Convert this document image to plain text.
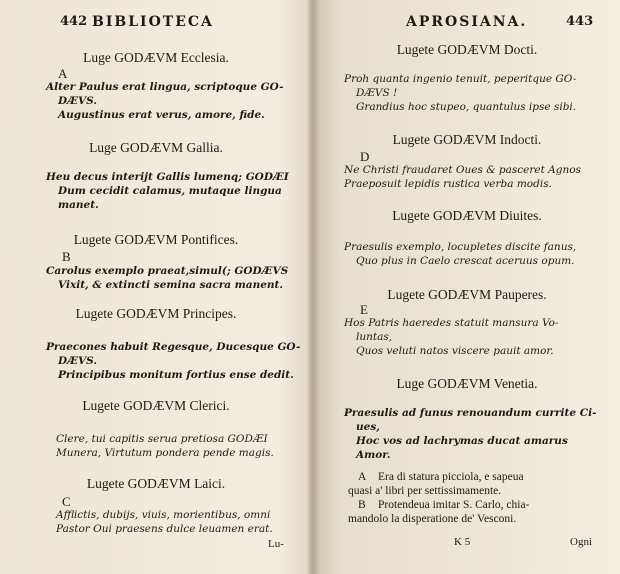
442 BIBLIOTECA
Luge GODÆVM Ecclesia.
A
Alter Paulus erat lingua, scriptoque GO-
DÆVS.
Augustinus erat verus, amore, fide.
Luge GODÆVM Gallia.
Heu decus interijt Gallis lumenq; GODÆI
Dum cecidit calamus, mutaque lingua
manet.
Lugete GODÆVM Pontifices.
B
Carolus exemplo praeat,simul(; GODÆVS
Vixit, & extincti semina sacra manent.
Lugete GODÆVM Principes.
Praecones habuit Regesque, Ducesque GO-
DÆVS.
Principibus monitum fortius ense dedit.
Lugete GODÆVM Clerici.
Clere, tui capitis serua pretiosa GODÆI
Munera, Virtutum pondera pende magis.
Lugete GODÆVM Laici.
C
Afflictis, dubijs, viuis, morientibus, omni
Pastor Oui praesens dulce leuamen erat.
Lu-
APROSIANA.	443
Lugete GODÆVM Docti.
Proh quanta ingenio tenuit, peperitque GO-
DÆVS !
Grandius hoc stupeo, quantulus ipse sibi.
Lugete GODÆVM Indocti.
D
Ne Christi fraudaret Oues & pasceret Agnos
Praeposuit lepidis rustica verba modis.
Lugete GODÆVM Diuites.
Praesulis exemplo, locupletes discite fanus,
Quo plus in Caelo crescat aceruus opum.
Lugete GODÆVM Pauperes.
E
Hos Patris haeredes statuit mansura Vo-
luntas,
Quos veluti natos viscere pauit amor.
Luge GODÆVM Venetia.
Praesulis ad funus renouandum currite Ci-
ues,
Hoc vos ad lachrymas ducat amarus
Amor.
A Era di statura picciola, e sapeua
quasi a' libri per settissimamente.
B Protendeua imitar S. Carlo, chia-
mandolo la disperatione de' Vesconi.
K 5	Ogni
